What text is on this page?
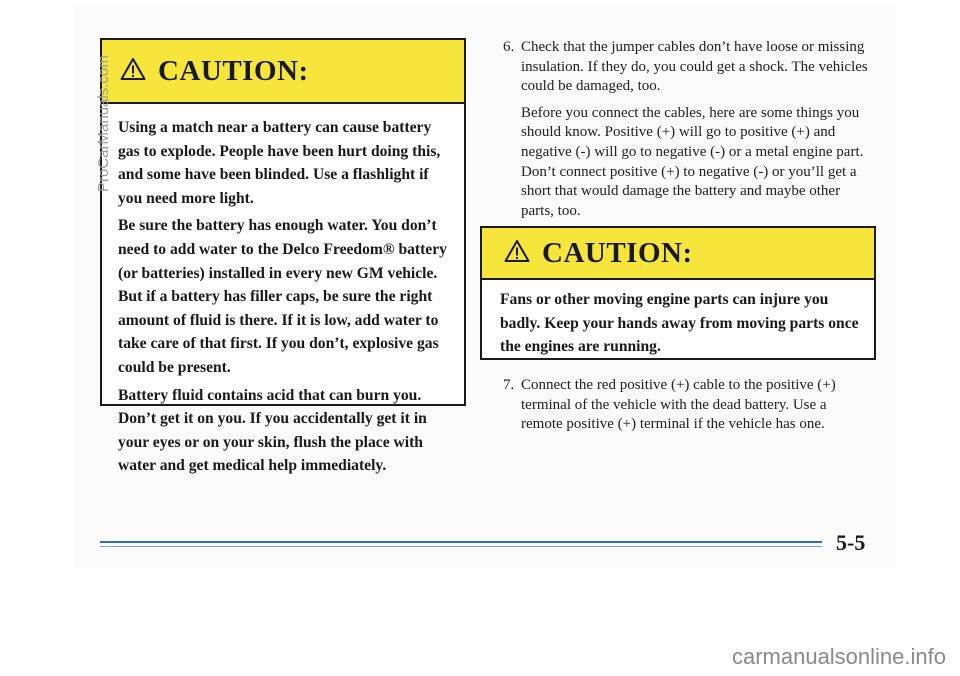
CAUTION:

Using a match near a battery can cause battery gas to explode. People have been hurt doing this, and some have been blinded. Use a flashlight if you need more light.

Be sure the battery has enough water. You don’t need to add water to the Delco Freedom® battery (or batteries) installed in every new GM vehicle. But if a battery has filler caps, be sure the right amount of fluid is there. If it is low, add water to take care of that first. If you don’t, explosive gas could be present.

Battery fluid contains acid that can burn you. Don’t get it on you. If you accidentally get it in your eyes or on your skin, flush the place with water and get medical help immediately.

6. Check that the jumper cables don’t have loose or missing insulation. If they do, you could get a shock. The vehicles could be damaged, too.

Before you connect the cables, here are some things you should know. Positive (+) will go to positive (+) and negative (-) will go to negative (-) or a metal engine part. Don’t connect positive (+) to negative (-) or you’ll get a short that would damage the battery and maybe other parts, too.

CAUTION:

Fans or other moving engine parts can injure you badly. Keep your hands away from moving parts once the engines are running.

7. Connect the red positive (+) cable to the positive (+) terminal of the vehicle with the dead battery. Use a remote positive (+) terminal if the vehicle has one.

5-5
ProCarManuals.com
carmanualsonline.info
